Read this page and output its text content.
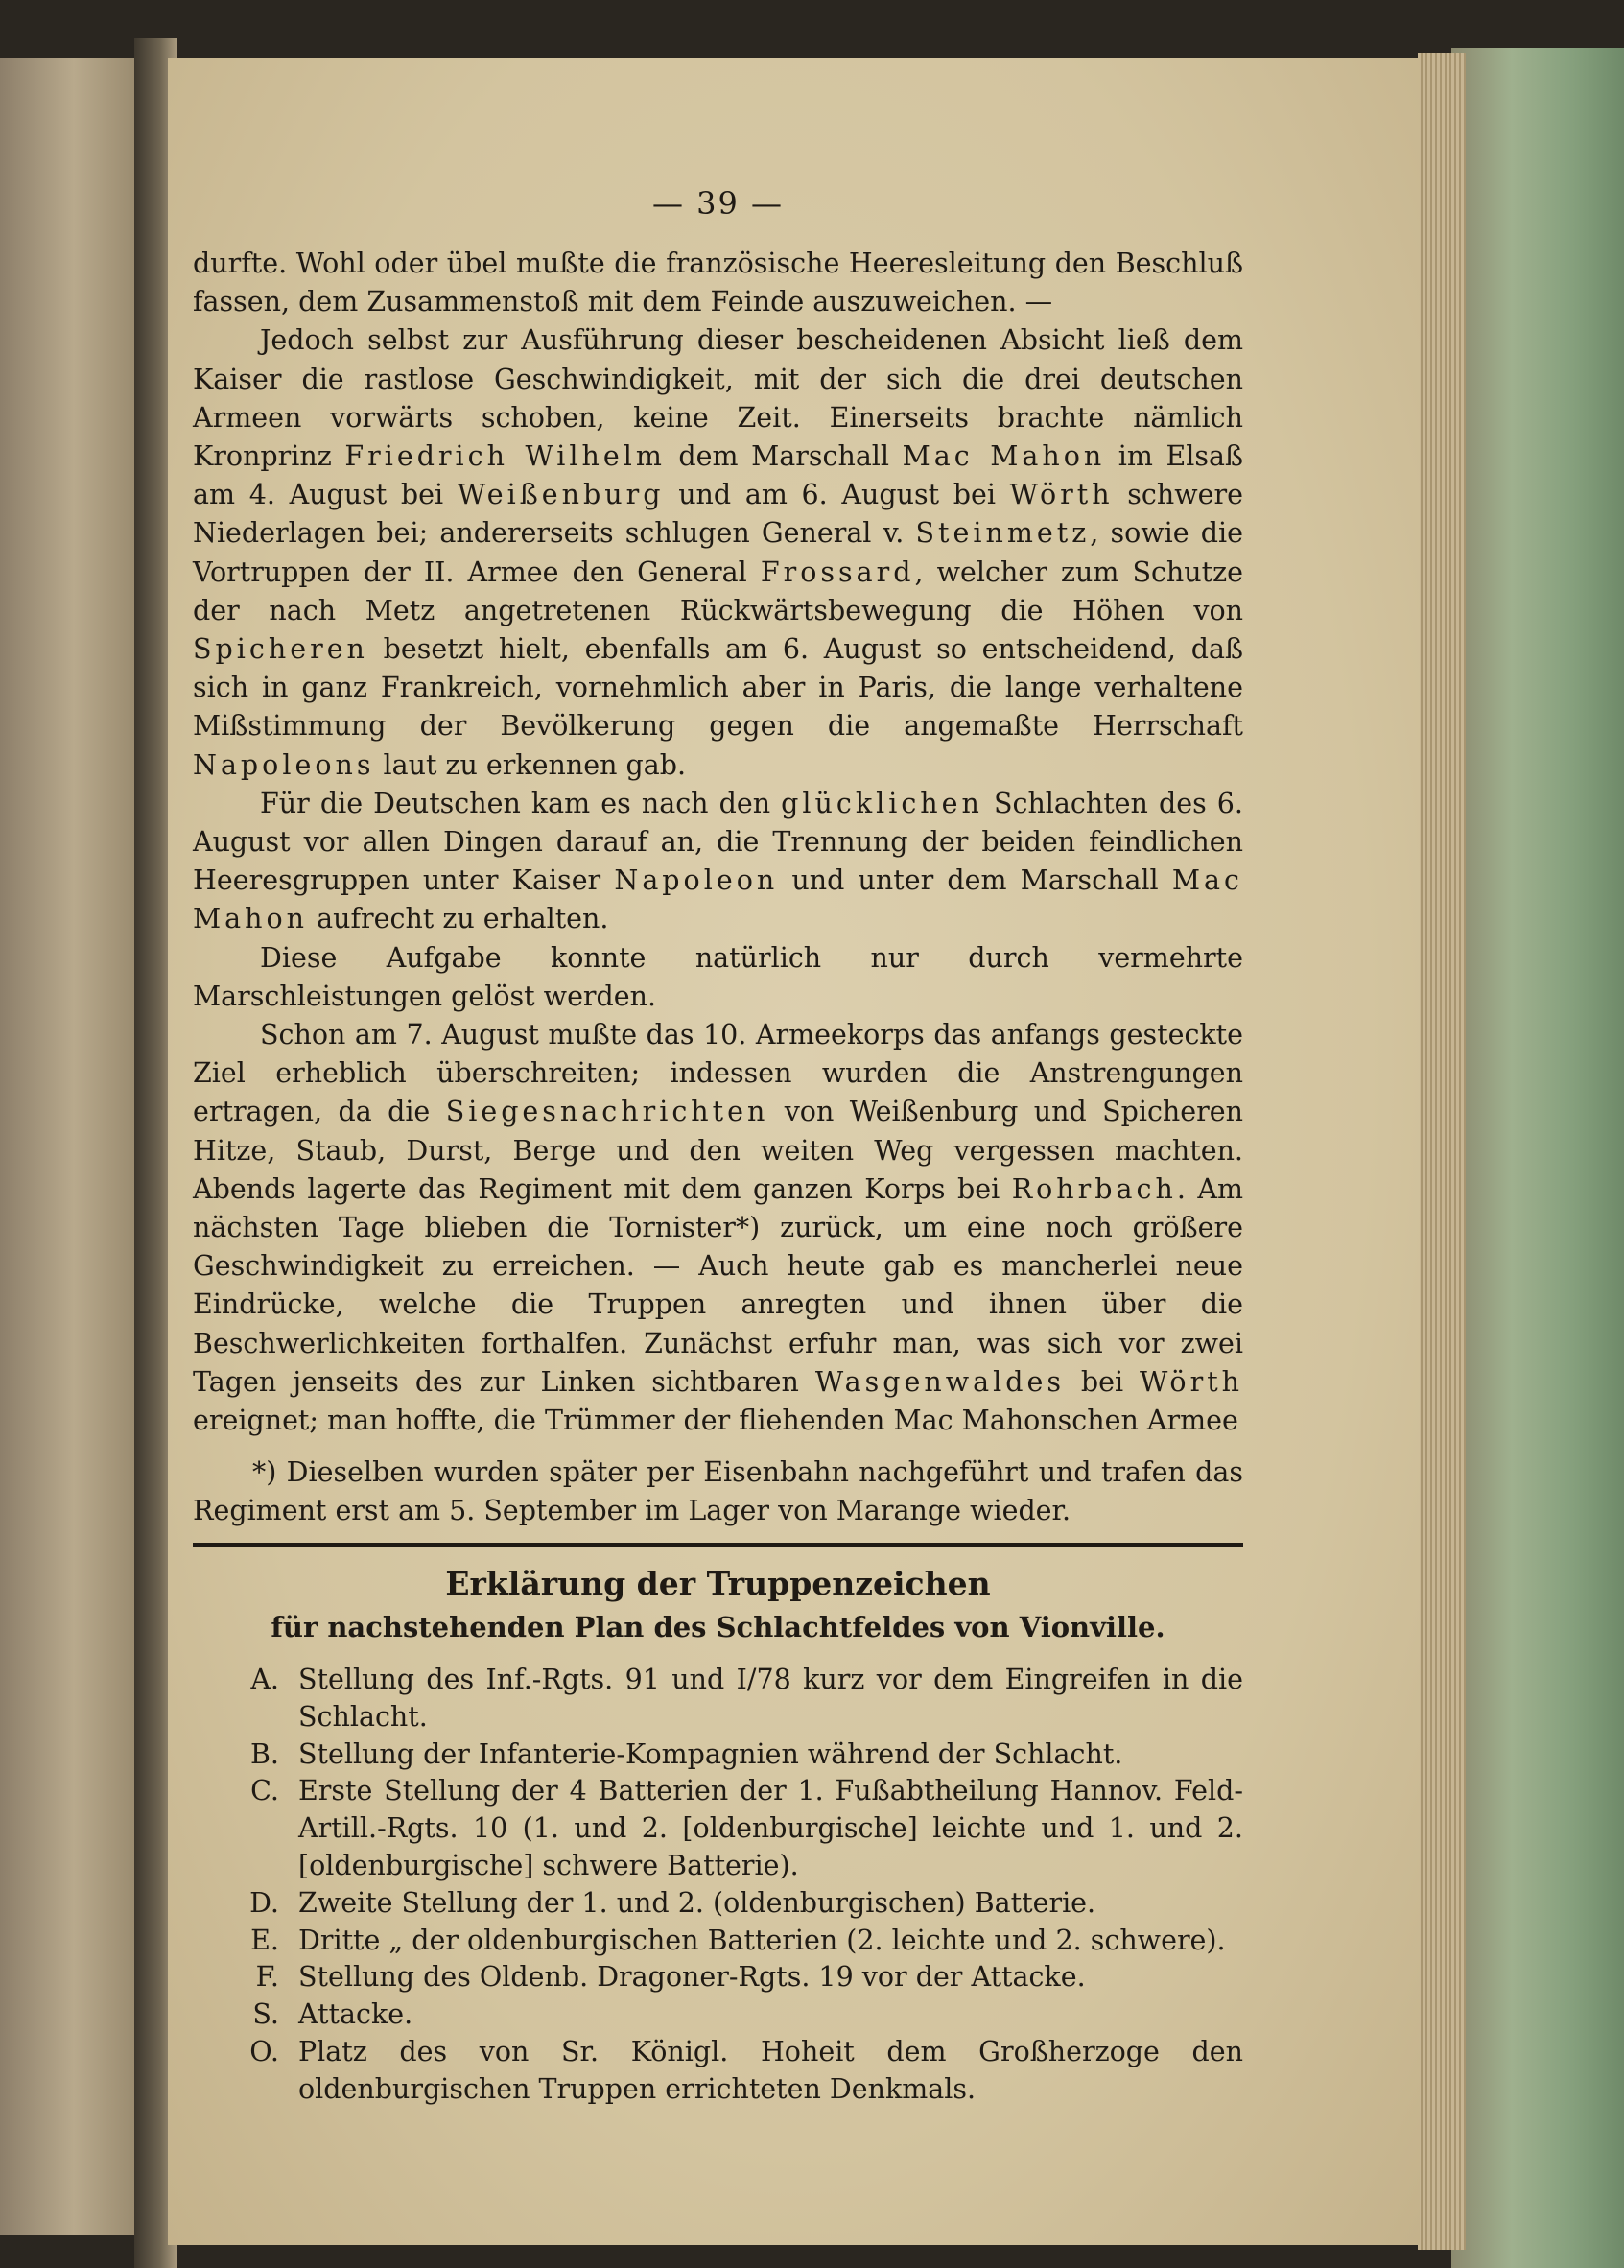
— 39 —

durfte. Wohl oder übel mußte die französische Heeresleitung den Beschluß fassen, dem Zusammenstoß mit dem Feinde auszuweichen. —

Jedoch selbst zur Ausführung dieser bescheidenen Absicht ließ dem Kaiser die rastlose Geschwindigkeit, mit der sich die drei deutschen Armeen vorwärts schoben, keine Zeit. Einerseits brachte nämlich Kronprinz Friedrich Wilhelm dem Marschall Mac Mahon im Elsaß am 4. August bei Weißenburg und am 6. August bei Wörth schwere Niederlagen bei; andererseits schlugen General v. Steinmetz, sowie die Vortruppen der II. Armee den General Frossard, welcher zum Schutze der nach Metz angetretenen Rückwärtsbewegung die Höhen von Spicheren besetzt hielt, ebenfalls am 6. August so entscheidend, daß sich in ganz Frankreich, vornehmlich aber in Paris, die lange verhaltene Mißstimmung der Bevölkerung gegen die angemaßte Herrschaft Napoleons laut zu erkennen gab.

Für die Deutschen kam es nach den glücklichen Schlachten des 6. August vor allen Dingen darauf an, die Trennung der beiden feindlichen Heeresgruppen unter Kaiser Napoleon und unter dem Marschall Mac Mahon aufrecht zu erhalten.

Diese Aufgabe konnte natürlich nur durch vermehrte Marschleistungen gelöst werden.

Schon am 7. August mußte das 10. Armeekorps das anfangs gesteckte Ziel erheblich überschreiten; indessen wurden die Anstrengungen ertragen, da die Siegesnachrichten von Weißenburg und Spicheren Hitze, Staub, Durst, Berge und den weiten Weg vergessen machten. Abends lagerte das Regiment mit dem ganzen Korps bei Rohrbach. Am nächsten Tage blieben die Tornister*) zurück, um eine noch größere Geschwindigkeit zu erreichen. — Auch heute gab es mancherlei neue Eindrücke, welche die Truppen anregten und ihnen über die Beschwerlichkeiten forthalfen. Zunächst erfuhr man, was sich vor zwei Tagen jenseits des zur Linken sichtbaren Wasgenwaldes bei Wörth ereignet; man hoffte, die Trümmer der fliehenden Mac Mahonschen Armee

*) Dieselben wurden später per Eisenbahn nachgeführt und trafen das Regiment erst am 5. September im Lager von Marange wieder.
Erklärung der Truppenzeichen
für nachstehenden Plan des Schlachtfeldes von Vionville.
A. Stellung des Inf.-Rgts. 91 und I/78 kurz vor dem Eingreifen in die Schlacht.
B. Stellung der Infanterie-Kompagnien während der Schlacht.
C. Erste Stellung der 4 Batterien der 1. Fußabtheilung Hannov. Feld-Artill.-Rgts. 10 (1. und 2. [oldenburgische] leichte und 1. und 2. [oldenburgische] schwere Batterie).
D. Zweite Stellung der 1. und 2. (oldenburgischen) Batterie.
E. Dritte „ der oldenburgischen Batterien (2. leichte und 2. schwere).
F. Stellung des Oldenb. Dragoner-Rgts. 19 vor der Attacke.
S. Attacke.
O. Platz des von Sr. Königl. Hoheit dem Großherzoge den oldenburgischen Truppen errichteten Denkmals.
